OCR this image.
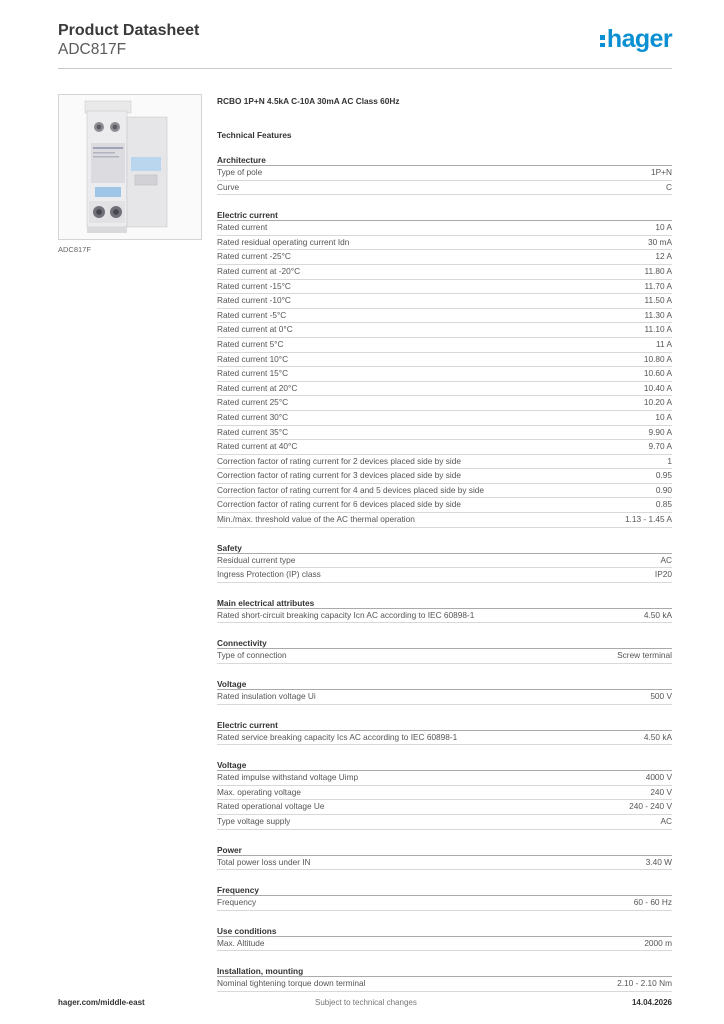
Product Datasheet
ADC817F	hager
ADC817F
RCBO 1P+N 4.5kA C-10A 30mA AC Class 60Hz
Technical Features
Architecture
Type of pole	1P+N
Curve	C
Electric current
Rated current	10 A
Rated residual operating current Idn	30 mA
Rated current -25°C	12 A
Rated current at -20°C	11.80 A
Rated current -15°C	11.70 A
Rated current -10°C	11.50 A
Rated current -5°C	11.30 A
Rated current at 0°C	11.10 A
Rated current 5°C	11 A
Rated current 10°C	10.80 A
Rated current 15°C	10.60 A
Rated current at 20°C	10.40 A
Rated current 25°C	10.20 A
Rated current 30°C	10 A
Rated current 35°C	9.90 A
Rated current at 40°C	9.70 A
Correction factor of rating current for 2 devices placed side by side	1
Correction factor of rating current for 3 devices placed side by side	0.95
Correction factor of rating current for 4 and 5 devices placed side by side	0.90
Correction factor of rating current for 6 devices placed side by side	0.85
Min./max. threshold value of the AC thermal operation	1.13 - 1.45 A
Safety
Residual current type	AC
Ingress Protection (IP) class	IP20
Main electrical attributes
Rated short-circuit breaking capacity Icn AC according to IEC 60898-1	4.50 kA
Connectivity
Type of connection	Screw terminal
Voltage
Rated insulation voltage Ui	500 V
Electric current
Rated service breaking capacity Ics AC according to IEC 60898-1	4.50 kA
Voltage
Rated impulse withstand voltage Uimp	4000 V
Max. operating voltage	240 V
Rated operational voltage Ue	240 - 240 V
Type voltage supply	AC
Power
Total power loss under IN	3.40 W
Frequency
Frequency	60 - 60 Hz
Use conditions
Max. Altitude	2000 m
Installation, mounting
Nominal tightening torque down terminal	2.10 - 2.10 Nm
hager.com/middle-east	Subject to technical changes	14.04.2026
